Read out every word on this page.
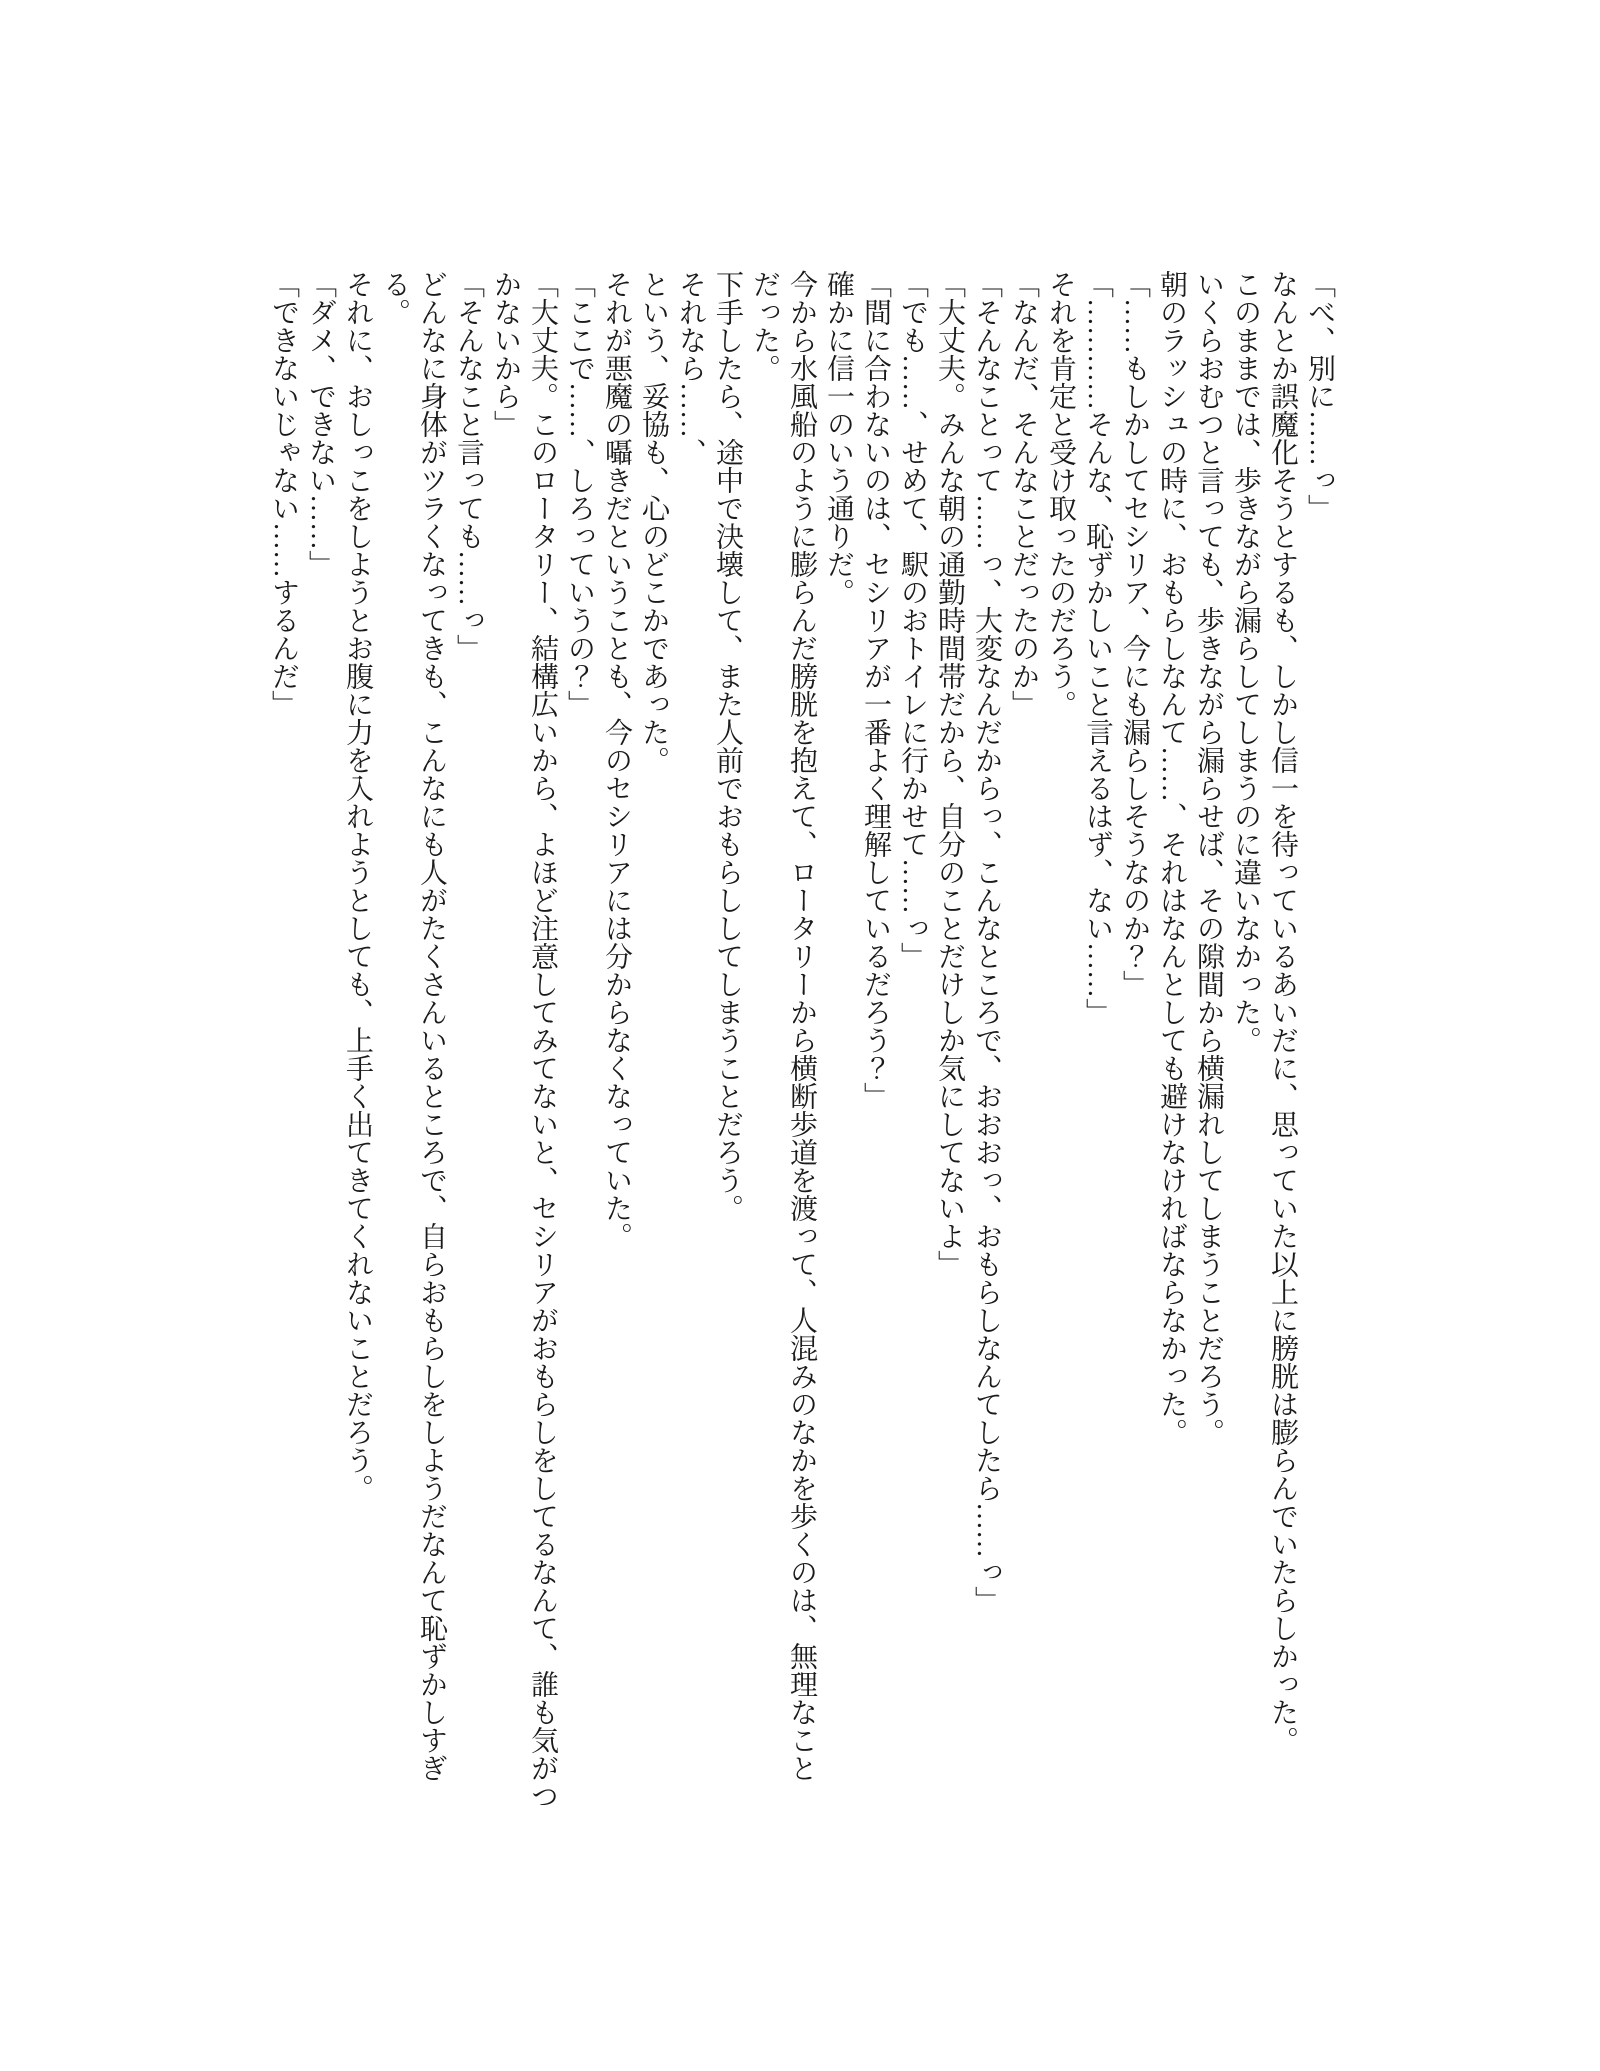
「べ、別に……っ」

なんとか誤魔化そうとするも、しかし信一を待っているあいだに、思っていた以上に膀胱は膨らんでいたらしかった。

このままでは、歩きながら漏らしてしまうのに違いなかった。

いくらおむつと言っても、歩きながら漏らせば、その隙間から横漏れしてしまうことだろう。

朝のラッシュの時に、おもらしなんて……、それはなんとしても避けなければならなかった。

「……もしかしてセシリア、今にも漏らしそうなのか？」

「…………そんな、恥ずかしいこと言えるはず、ない……」

それを肯定と受け取ったのだろう。

「なんだ、そんなことだったのか」

「そんなことって……っ、大変なんだからっ、こんなところで、おおおっ、おもらしなんてしたら……っ」

「大丈夫。みんな朝の通勤時間帯だから、自分のことだけしか気にしてないよ」

「でも……、せめて、駅のおトイレに行かせて……っ」

「間に合わないのは、セシリアが一番よく理解しているだろう？」

確かに信一のいう通りだ。

今から水風船のように膨らんだ膀胱を抱えて、ロータリーから横断歩道を渡って、人混みのなかを歩くのは、無理なことだった。

下手したら、途中で決壊して、また人前でおもらししてしまうことだろう。

それなら……、

という、妥協も、心のどこかであった。

それが悪魔の囁きだということも、今のセシリアには分からなくなっていた。

「ここで……、しろっていうの？」

「大丈夫。このロータリー、結構広いから、よほど注意してみてないと、セシリアがおもらしをしてるなんて、誰も気がつかないから」

「そんなこと言っても……っ」

どんなに身体がツラくなってきも、こんなにも人がたくさんいるところで、自らおもらしをしようだなんて恥ずかしすぎる。

それに、おしっこをしようとお腹に力を入れようとしても、上手く出てきてくれないことだろう。

「ダメ、できない……」

「できないじゃない……するんだ」
